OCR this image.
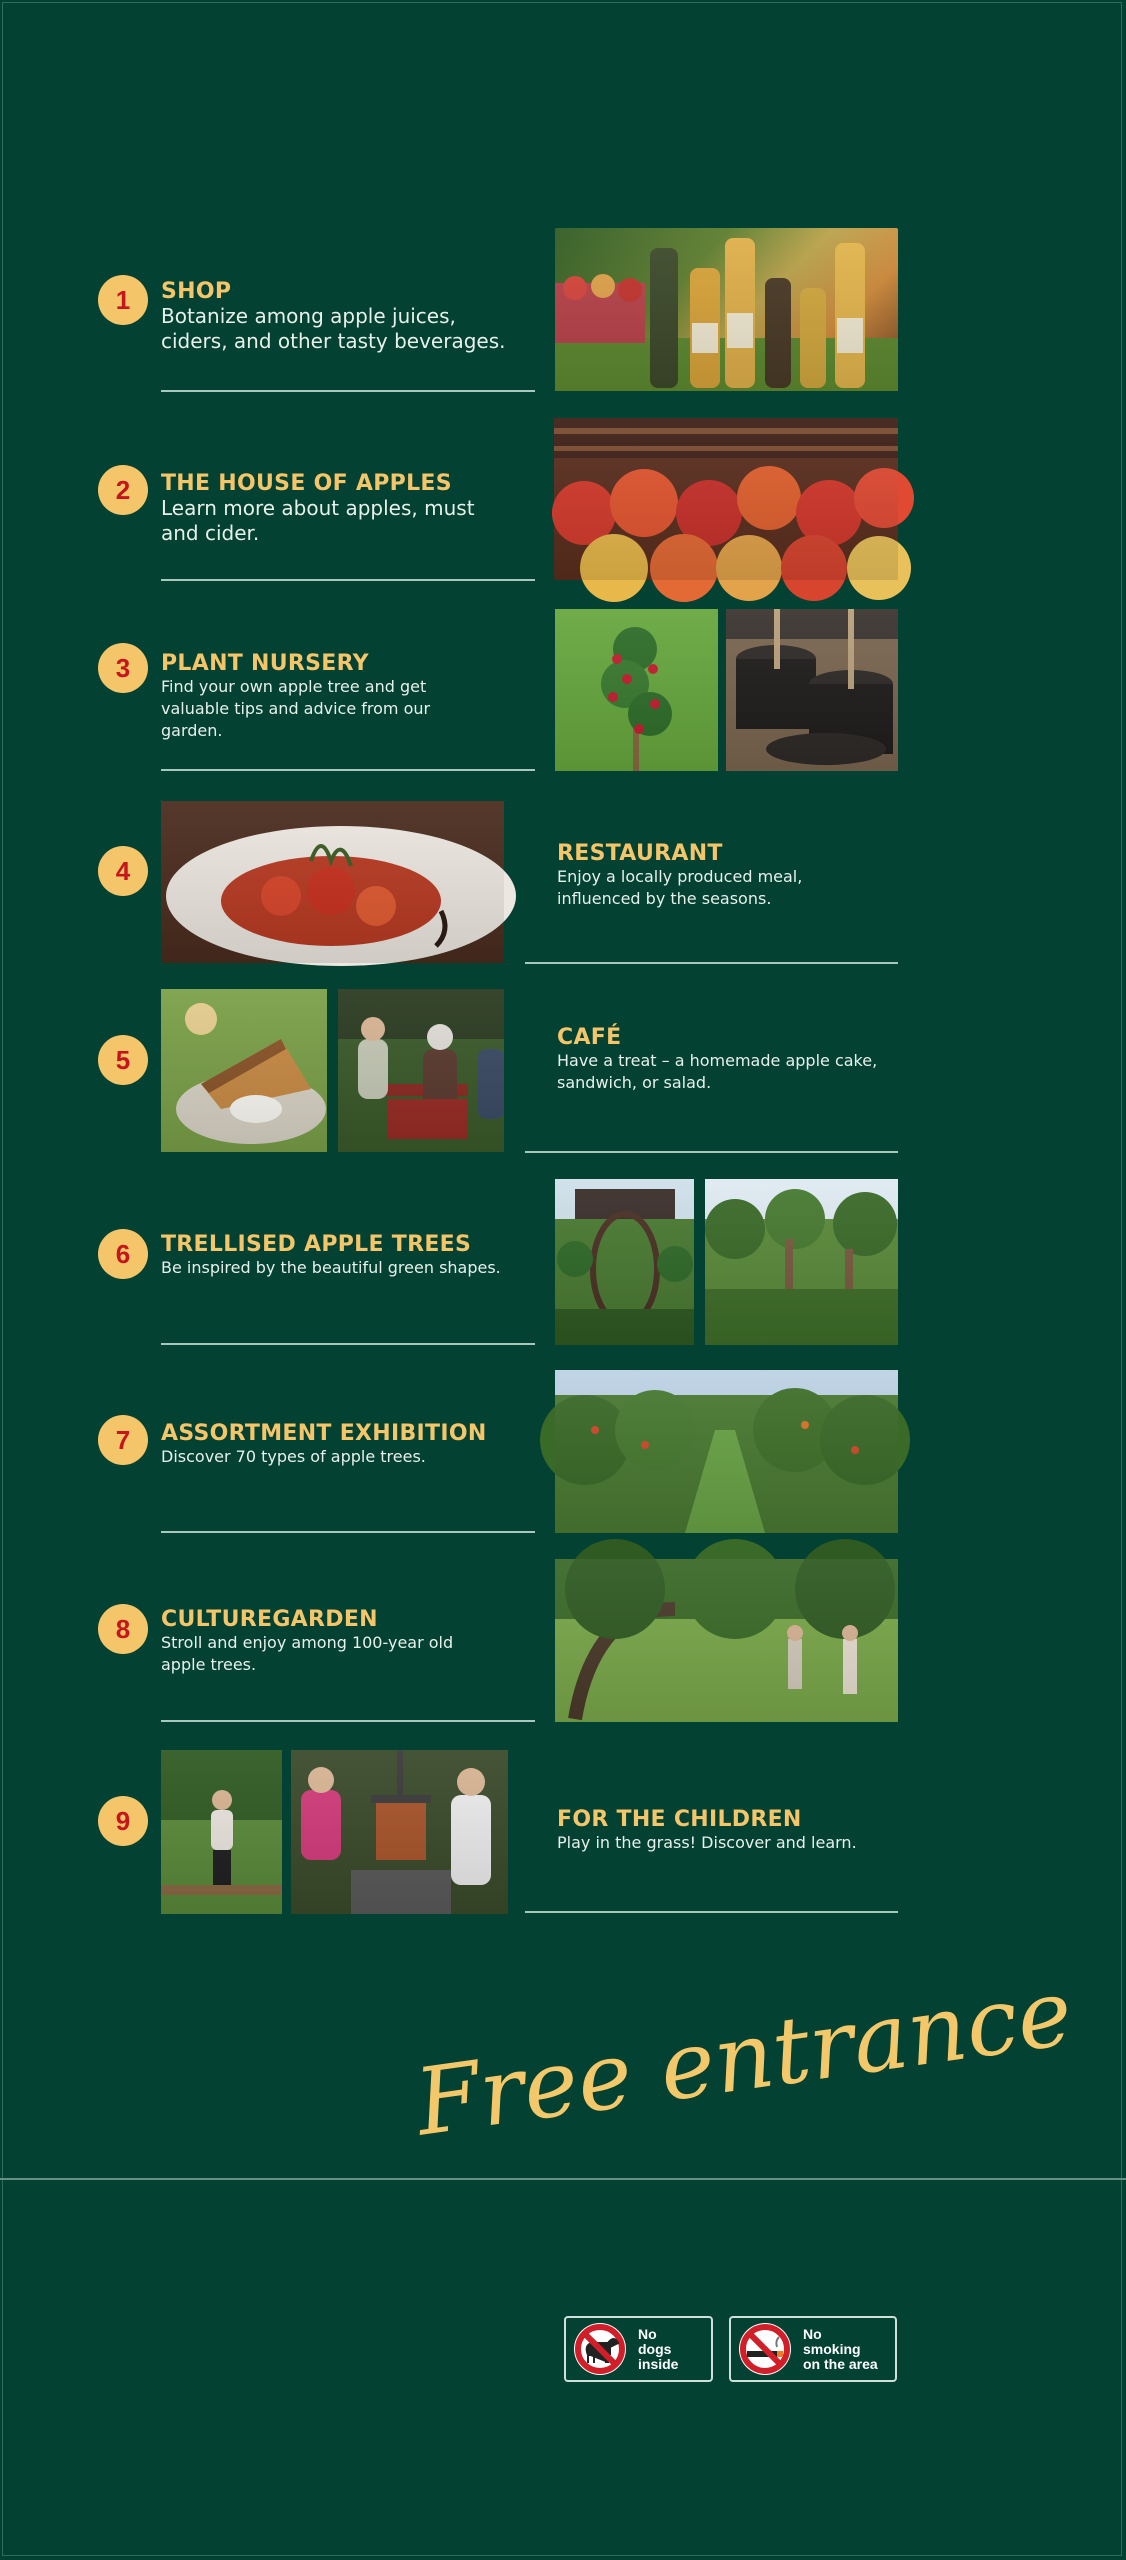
1	SHOP
Botanize among apple juices,
ciders, and other tasty beverages.
2	THE HOUSE OF APPLES
Learn more about apples, must
and cider.
3	PLANT NURSERY
Find your own apple tree and get
valuable tips and advice from our
garden.
4
RESTAURANT
Enjoy a locally produced meal,
influenced by the seasons.
5
CAFÉ
Have a treat – a homemade apple cake,
sandwich, or salad.
6	TRELLISED APPLE TREES
Be inspired by the beautiful green shapes.
7	ASSORTMENT EXHIBITION
Discover 70 types of apple trees.
8	CULTUREGARDEN
Stroll and enjoy among 100-year old
apple trees.
9	FOR THE CHILDREN
Play in the grass! Discover and learn.
Free entrance
No
dogs
inside
No
smoking
on the area
